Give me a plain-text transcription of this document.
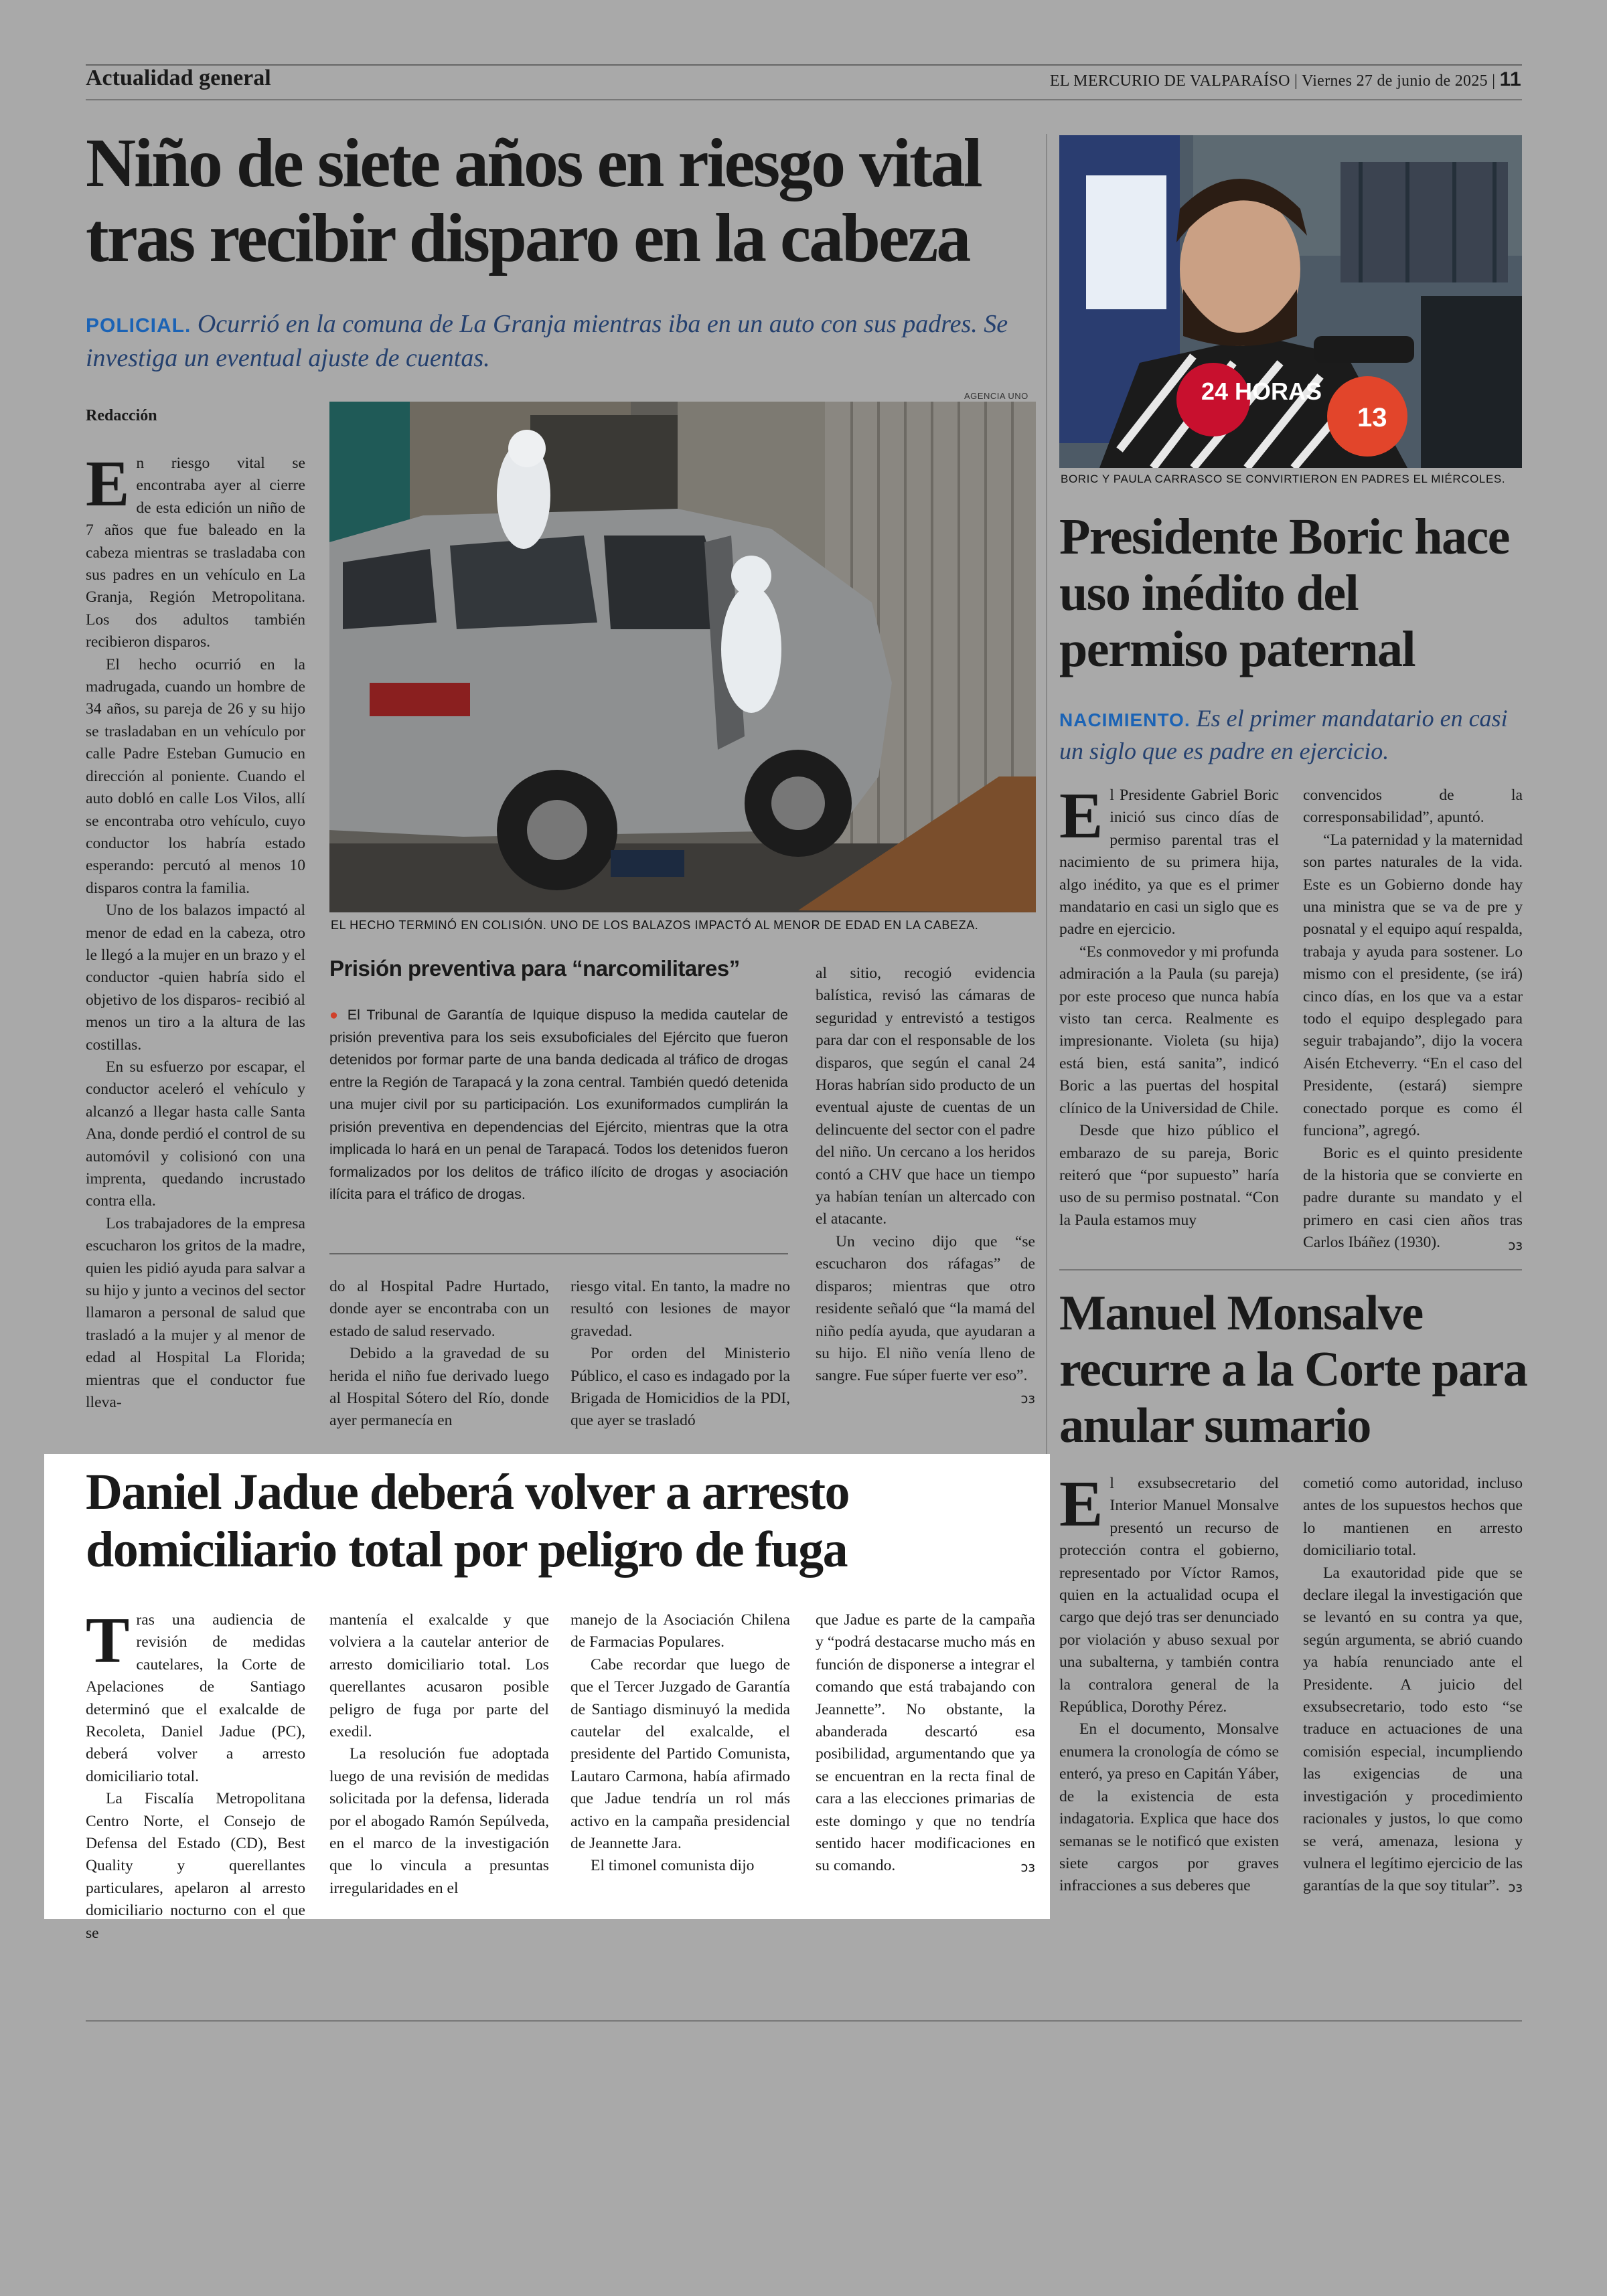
Actualidad general	EL MERCURIO DE VALPARAÍSO | Viernes 27 de junio de 2025 | 11
Niño de siete años en riesgo vital tras recibir disparo en la cabeza
POLICIAL. Ocurrió en la comuna de La Granja mientras iba en un auto con sus padres. Se investiga un eventual ajuste de cuentas.
Redacción

En riesgo vital se encontraba ayer al cierre de esta edición un niño de 7 años que fue baleado en la cabeza mientras se trasladaba con sus padres en un vehículo en La Granja, Región Metropolitana. Los dos adultos también recibieron disparos.

El hecho ocurrió en la madrugada, cuando un hombre de 34 años, su pareja de 26 y su hijo se trasladaban en un vehículo por calle Padre Esteban Gumucio en dirección al poniente. Cuando el auto dobló en calle Los Vilos, allí se encontraba otro vehículo, cuyo conductor los habría estado esperando: percutó al menos 10 disparos contra la familia.

Uno de los balazos impactó al menor de edad en la cabeza, otro le llegó a la mujer en un brazo y el conductor -quien habría sido el objetivo de los disparos- recibió al menos un tiro a la altura de las costillas.

En su esfuerzo por escapar, el conductor aceleró el vehículo y alcanzó a llegar hasta calle Santa Ana, donde perdió el control de su automóvil y colisionó con una imprenta, quedando incrustado contra ella.

Los trabajadores de la empresa escucharon los gritos de la madre, quien les pidió ayuda para salvar a su hijo y junto a vecinos del sector llamaron a personal de salud que trasladó a la mujer y al menor de edad al Hospital La Florida; mientras que el conductor fue lleva-

AGENCIA UNO
EL HECHO TERMINÓ EN COLISIÓN. UNO DE LOS BALAZOS IMPACTÓ AL MENOR DE EDAD EN LA CABEZA.
Prisión preventiva para “narcomilitares”
● El Tribunal de Garantía de Iquique dispuso la medida cautelar de prisión preventiva para los seis exsuboficiales del Ejército que fueron detenidos por formar parte de una banda dedicada al tráfico de drogas entre la Región de Tarapacá y la zona central. También quedó detenida una mujer civil por su participación. Los exuniformados cumplirán la prisión preventiva en dependencias del Ejército, mientras que la otra implicada lo hará en un penal de Tarapacá. Todos los detenidos fueron formalizados por los delitos de tráfico ilícito de drogas y asociación ilícita para el tráfico de drogas.

do al Hospital Padre Hurtado, donde ayer se encontraba con un estado de salud reservado.

Debido a la gravedad de su herida el niño fue derivado luego al Hospital Sótero del Río, donde ayer permanecía en

riesgo vital. En tanto, la madre no resultó con lesiones de mayor gravedad.

Por orden del Ministerio Público, el caso es indagado por la Brigada de Homicidios de la PDI, que ayer se trasladó

al sitio, recogió evidencia balística, revisó las cámaras de seguridad y entrevistó a testigos para dar con el responsable de los disparos, que según el canal 24 Horas habrían sido producto de un eventual ajuste de cuentas de un delincuente del sector con el padre del niño. Un cercano a los heridos contó a CHV que hace un tiempo ya habían tenían un altercado con el atacante.

Un vecino dijo que “se escucharon dos ráfagas” de disparos; mientras que otro residente señaló que “la mamá del niño pedía ayuda, que ayudaran a su hijo. El niño venía lleno de sangre. Fue súper fuerte ver eso”.

ↄɜ
24 HORAS
13
BORIC Y PAULA CARRASCO SE CONVIRTIERON EN PADRES EL MIÉRCOLES.
Presidente Boric hace uso inédito del permiso paternal
NACIMIENTO. Es el primer mandatario en casi un siglo que es padre en ejercicio.

El Presidente Gabriel Boric inició sus cinco días de permiso parental tras el nacimiento de su primera hija, algo inédito, ya que es el primer mandatario en casi un siglo que es padre en ejercicio.

“Es conmovedor y mi profunda admiración a la Paula (su pareja) por este proceso que nunca había visto tan cerca. Realmente es impresionante. Violeta (su hija) está bien, está sanita”, indicó Boric a las puertas del hospital clínico de la Universidad de Chile.

Desde que hizo público el embarazo de su pareja, Boric reiteró que “por supuesto” haría uso de su permiso postnatal. “Con la Paula estamos muy

convencidos de la corresponsabilidad”, apuntó.

“La paternidad y la maternidad son partes naturales de la vida. Este es un Gobierno donde hay una ministra que se va de pre y posnatal y el equipo aquí respalda, trabaja y ayuda para sostener. Lo mismo con el presidente, (se irá) cinco días, en los que va a estar todo el equipo desplegado para seguir trabajando”, dijo la vocera Aisén Etcheverry. “En el caso del Presidente, (estará) siempre conectado porque es como él funciona”, agregó.

Boric es el quinto presidente de la historia que se convierte en padre durante su mandato y el primero en casi cien años tras Carlos Ibáñez (1930).	ↄɜ
Manuel Monsalve recurre a la Corte para anular sumario

El exsubsecretario del Interior Manuel Monsalve presentó un recurso de protección contra el gobierno, representado por Víctor Ramos, quien en la actualidad ocupa el cargo que dejó tras ser denunciado por violación y abuso sexual por una subalterna, y también contra la contralora general de la República, Dorothy Pérez.

En el documento, Monsalve enumera la cronología de cómo se enteró, ya preso en Capitán Yáber, de la existencia de esta indagatoria. Explica que hace dos semanas se le notificó que existen siete cargos por graves infracciones a sus deberes que

cometió como autoridad, incluso antes de los supuestos hechos que lo mantienen en arresto domiciliario total.

La exautoridad pide que se declare ilegal la investigación que se levantó en su contra ya que, según argumenta, se abrió cuando ya había renunciado ante el Presidente. A juicio del exsubsecretario, todo esto “se traduce en actuaciones de una comisión especial, incumpliendo las exigencias de una investigación y procedimiento racionales y justos, lo que como se verá, amenaza, lesiona y vulnera el legítimo ejercicio de las garantías de la que soy titular”. ↄɜ
Daniel Jadue deberá volver a arresto domiciliario total por peligro de fuga

Tras una audiencia de revisión de medidas cautelares, la Corte de Apelaciones de Santiago determinó que el exalcalde de Recoleta, Daniel Jadue (PC), deberá volver a arresto domiciliario total.

La Fiscalía Metropolitana Centro Norte, el Consejo de Defensa del Estado (CD), Best Quality y querellantes particulares, apelaron al arresto domiciliario nocturno con el que se

mantenía el exalcalde y que volviera a la cautelar anterior de arresto domiciliario total. Los querellantes acusaron posible peligro de fuga por parte del exedil.

La resolución fue adoptada luego de una revisión de medidas solicitada por la defensa, liderada por el abogado Ramón Sepúlveda, en el marco de la investigación que lo vincula a presuntas irregularidades en el

manejo de la Asociación Chilena de Farmacias Populares.

Cabe recordar que luego de que el Tercer Juzgado de Garantía de Santiago disminuyó la medida cautelar del exalcalde, el presidente del Partido Comunista, Lautaro Carmona, había afirmado que Jadue tendría un rol más activo en la campaña presidencial de Jeannette Jara.

El timonel comunista dijo

que Jadue es parte de la campaña y “podrá destacarse mucho más en función de disponerse a integrar el comando que está trabajando con Jeannette”. No obstante, la abanderada descartó esa posibilidad, argumentando que ya se encuentran en la recta final de cara a las elecciones primarias de este domingo y que no tendría sentido hacer modificaciones en su comando.	ↄɜ
